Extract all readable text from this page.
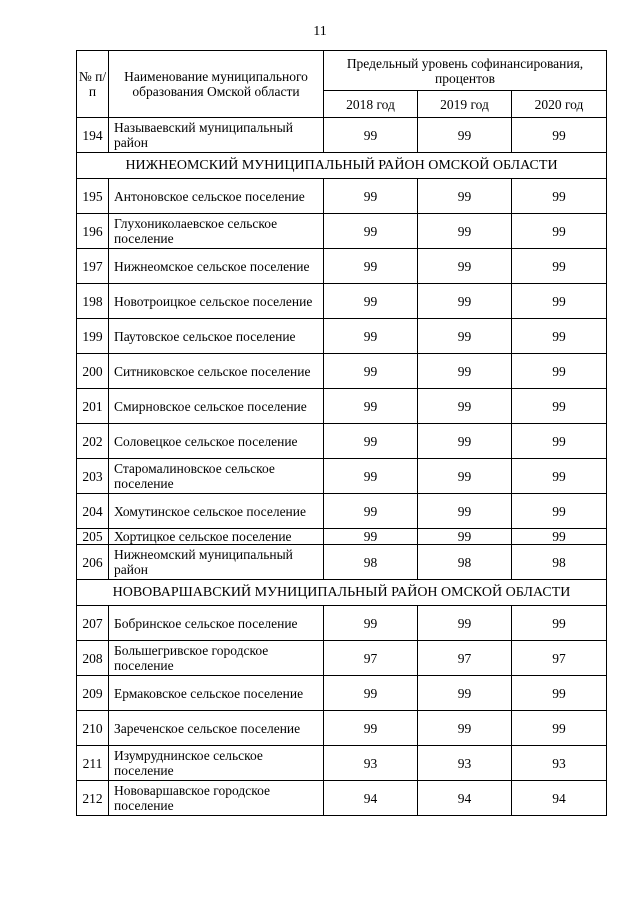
11
№ п/п	Наименование муниципального образования Омской области	Предельный уровень софинансирования, процентов		
		2018 год	2019 год	2020 год
194	Называевский муниципальный район	99	99	99
НИЖНЕОМСКИЙ МУНИЦИПАЛЬНЫЙ РАЙОН ОМСКОЙ ОБЛАСТИ				
195	Антоновское сельское поселение	99	99	99
196	Глухониколаевское сельское поселение	99	99	99
197	Нижнеомское сельское поселение	99	99	99
198	Новотроицкое сельское поселение	99	99	99
199	Паутовское сельское поселение	99	99	99
200	Ситниковское сельское поселение	99	99	99
201	Смирновское сельское поселение	99	99	99
202	Соловецкое сельское поселение	99	99	99
203	Старомалиновское сельское поселение	99	99	99
204	Хомутинское сельское поселение	99	99	99
205	Хортицкое сельское поселение	99	99	99
206	Нижнеомский муниципальный район	98	98	98
НОВОВАРШАВСКИЙ МУНИЦИПАЛЬНЫЙ РАЙОН ОМСКОЙ ОБЛАСТИ				
207	Бобринское сельское поселение	99	99	99
208	Большегривское городское поселение	97	97	97
209	Ермаковское сельское поселение	99	99	99
210	Зареченское сельское поселение	99	99	99
211	Изумруднинское сельское поселение	93	93	93
212	Нововаршавское городское поселение	94	94	94
